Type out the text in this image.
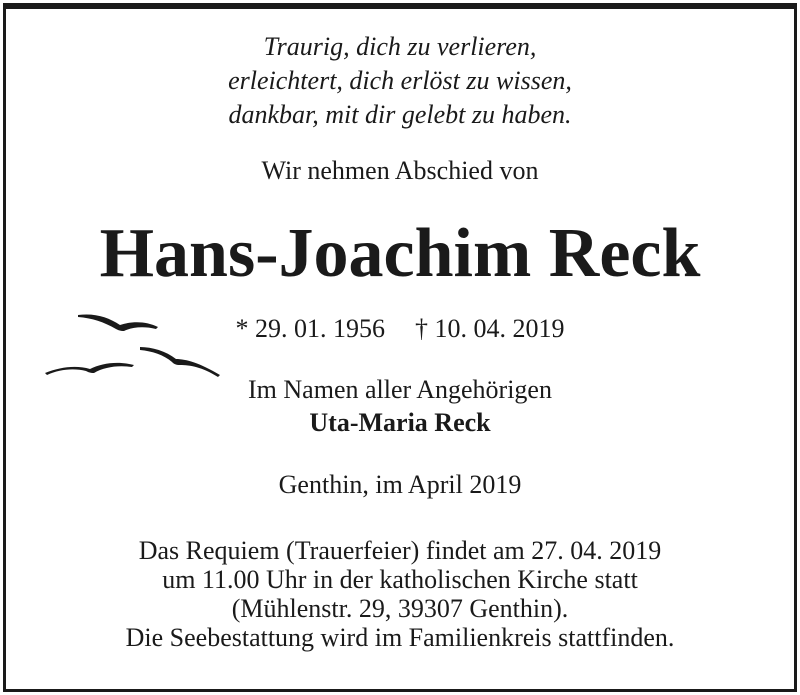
Traurig, dich zu verlieren,
erleichtert, dich erlöst zu wissen,
dankbar, mit dir gelebt zu haben.
Wir nehmen Abschied von
Hans-Joachim Reck
* 29. 01. 1956 † 10. 04. 2019
Im Namen aller Angehörigen
Uta-Maria Reck
Genthin, im April 2019
Das Requiem (Trauerfeier) findet am 27. 04. 2019
um 11.00 Uhr in der katholischen Kirche statt
(Mühlenstr. 29, 39307 Genthin).
Die Seebestattung wird im Familienkreis stattfinden.
